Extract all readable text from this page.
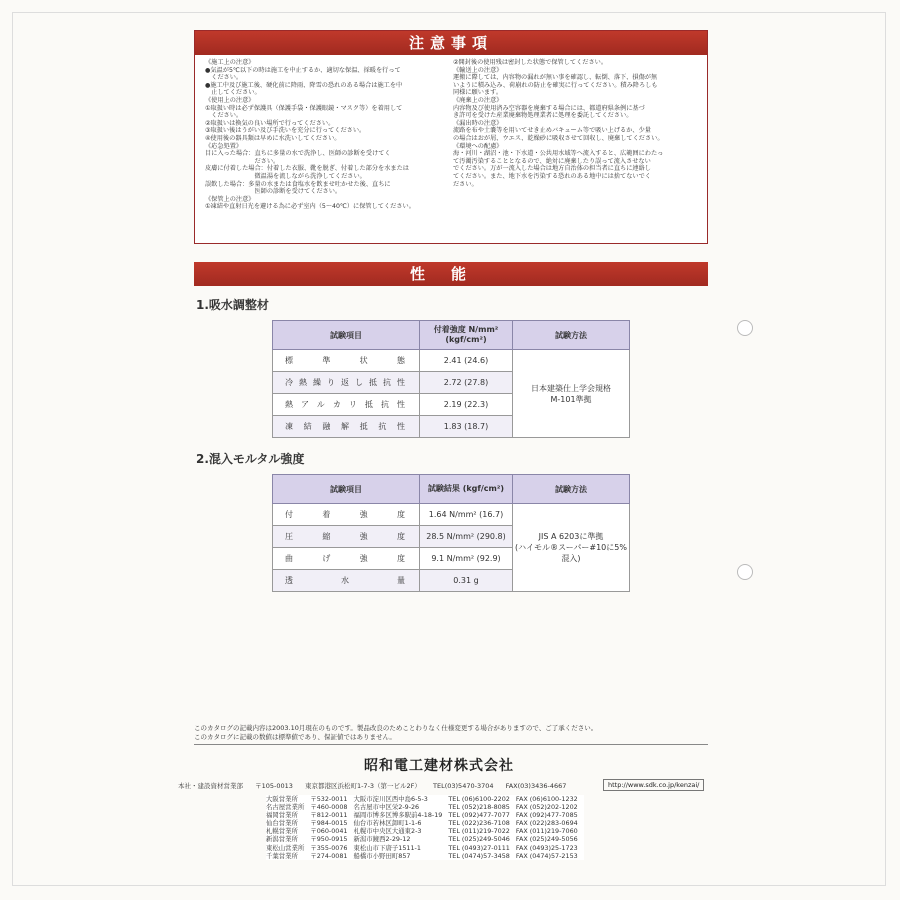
注意事項

《施工上の注意》

●気温が5℃以下の時は施工を中止するか、適切な保温、採暖を行って

　ください。

●施工中及び施工後、硬化前に降雨、降雪の恐れのある場合は施工を中

　止してください。

《使用上の注意》

①取扱い時は必ず保護具（保護手袋・保護眼鏡・マスク等）を着用して

　ください。

②取扱いは換気の良い場所で行ってください。

③取扱い後はうがい及び手洗いを充分に行ってください。

④使用後の器具類は早めに水洗いしてください。

《応急処置》

目に入った場合：直ちに多量の水で洗浄し、医師の診断を受けてく

　　　　　　　　ださい。

皮膚に付着した場合：付着した衣服、靴を脱ぎ、付着した部分を水または

　　　　　　　　微温湯を流しながら洗浄してください。

誤飲した場合：多量の水または食塩水を飲ませ吐かせた後、直ちに

　　　　　　　　医師の診断を受けてください。

《保管上の注意》

①凍結や直射日光を避ける為に必ず室内（5〜40℃）に保管してください。

②開封後の使用残は密封した状態で保管してください。

《輸送上の注意》

運搬に際しては、内容物の漏れが無い事を確認し、転倒、落下、損傷が無

いように積み込み、荷崩れの防止を確実に行ってください。積み降ろしも

同様に願います。

《廃棄上の注意》

内容物及び使用済み空容器を廃棄する場合には、都道府県条例に基づ

き許可を受けた産業廃棄物処理業者に処理を委託してください。

《漏出時の注意》

流路を布や土嚢等を用いてせき止めバキューム等で吸い上げるか、少量

の場合はおが屑、ウエス、乾燥砂に吸収させて回収し、廃棄してください。

《環境への配慮》

海・河川・湖沼・池・下水道・公共用水域等へ流入すると、広範囲にわたっ

て汚濁汚染することとなるので、絶対に廃棄したり誤って流入させない

でください。万が一流入した場合は地方自治体の担当者に直ちに連絡し

てください。また、地下水を汚染する恐れのある地中には捨てないでく

ださい。

性能
1.吸水調整材
試験項目	付着強度 N/mm² (kgf/cm²)	試験方法
標準状態	2.41 (24.6)	日本建築仕上学会規格
M-101準拠

冷熱繰り返し抵抗性	2.72 (27.8)	
熱アルカリ抵抗性	2.19 (22.3)	
凍結融解抵抗性	1.83 (18.7)	
2.混入モルタル強度
試験項目	試験結果 (kgf/cm²)	試験方法
付着強度	1.64 N/mm² (16.7)	JIS A 6203に準拠
(ハイモル®スーパー#10に5%混入)

圧縮強度	28.5 N/mm² (290.8)	
曲げ強度	9.1 N/mm² (92.9)	
透水量	0.31 g	
このカタログの記載内容は2003.10月現在のものです。製品改良のためことわりなく仕様変更する場合がありますので、ご了承ください。
このカタログに記載の数値は標準値であり、保証値ではありません。
昭和電工建材株式会社
本社・建設資材営業部 〒105-0013 東京都港区浜松町1-7-3（第一ビル2F） TEL(03)5470-3704 FAX(03)3436-4667	http://www.sdk.co.jp/kenzai/
大阪営業所	〒532-0011	大阪市淀川区西中島6-5-3	TEL (06)6100-2202	FAX (06)6100-1232
名古屋営業所	〒460-0008	名古屋市中区栄2-9-26	TEL (052)218-8085	FAX (052)202-1202
福岡営業所	〒812-0011	福岡市博多区博多駅前4-18-19	TEL (092)477-7077	FAX (092)477-7085
仙台営業所	〒984-0015	仙台市若林区卸町1-1-6	TEL (022)236-7108	FAX (022)283-0694
札幌営業所	〒060-0041	札幌市中央区大通東2-3	TEL (011)219-7022	FAX (011)219-7060
新潟営業所	〒950-0915	新潟市鏡西2-29-12	TEL (025)249-5046	FAX (025)249-5056
東松山営業所	〒355-0076	東松山市下唐子1511-1	TEL (0493)27-0111	FAX (0493)25-1723
千葉営業所	〒274-0081	船橋市小野田町857	TEL (0474)57-3458	FAX (0474)57-2153
